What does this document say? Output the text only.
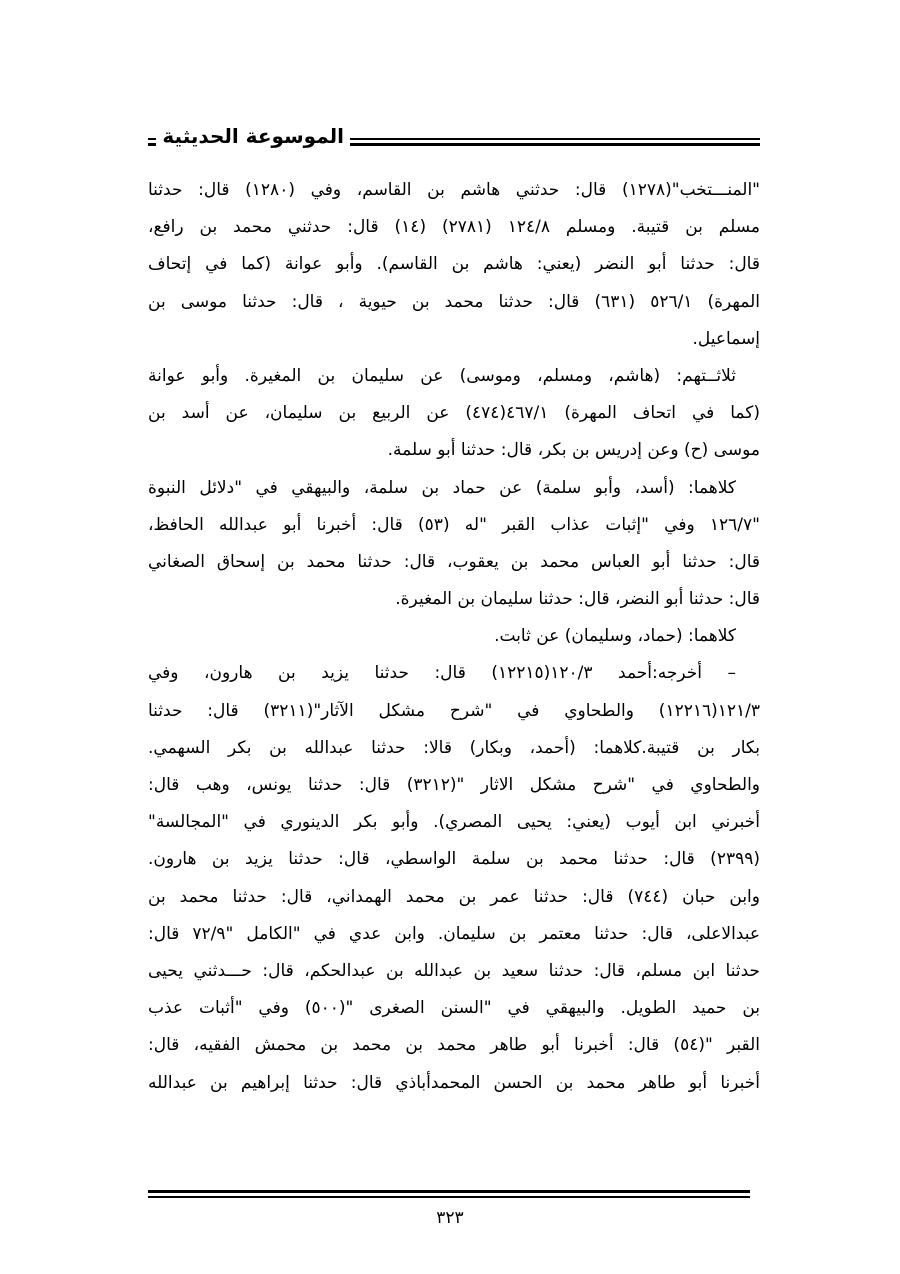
الموسوعة الحديثية
"المنـــتخب"(١٢٧٨) قال: حدثني هاشم بن القاسم، وفي (١٢٨٠) قال: حدثنا
مسلم بن قتيبة. ومسلم ١٢٤/٨ (٢٧٨١) (١٤) قال: حدثني محمد بن رافع،
قال: حدثنا أبو النضر (يعني: هاشم بن القاسم). وأبو عوانة (كما في إتحاف
المهرة) ٥٢٦/١ (٦٣١) قال: حدثنا محمد بن حيوية ، قال: حدثنا موسى بن
إسماعيل.
ثلاثــتهم: (هاشم، ومسلم، وموسى) عن سليمان بن المغيرة. وأبو عوانة
(كما في اتحاف المهرة) ٤٦٧/١(٤٧٤) عن الربيع بن سليمان، عن أسد بن
موسى (ح) وعن إدريس بن بكر، قال: حدثنا أبو سلمة.
كلاهما: (أسد، وأبو سلمة) عن حماد بن سلمة، والبيهقي في "دلائل النبوة
"١٢٦/٧ وفي "إثبات عذاب القبر "له (٥٣) قال: أخبرنا أبو عبدالله الحافظ،
قال: حدثنا أبو العباس محمد بن يعقوب، قال: حدثنا محمد بن إسحاق الصغاني
قال: حدثنا أبو النضر، قال: حدثنا سليمان بن المغيرة.
كلاهما: (حماد، وسليمان) عن ثابت.
– أخرجه:أحمد ١٢٠/٣(١٢٢١٥) قال: حدثنا يزيد بن هارون، وفي
١٢١/٣(١٢٢١٦) والطحاوي في "شرح مشكل الآثار"(٣٢١١) قال: حدثنا
بكار بن قتيبة.كلاهما: (أحمد، وبكار) قالا: حدثنا عبدالله بن بكر السهمي.
والطحاوي في "شرح مشكل الاثار "(٣٢١٢) قال: حدثنا يونس، وهب قال:
أخبرني ابن أيوب (يعني: يحيى المصري). وأبو بكر الدينوري في "المجالسة"
(٢٣٩٩) قال: حدثنا محمد بن سلمة الواسطي، قال: حدثنا يزيد بن هارون.
وابن حبان (٧٤٤) قال: حدثنا عمر بن محمد الهمداني، قال: حدثنا محمد بن
عبدالاعلى، قال: حدثنا معتمر بن سليمان. وابن عدي في "الكامل "٧٢/٩ قال:
حدثنا ابن مسلم، قال: حدثنا سعيد بن عبدالله بن عبدالحكم، قال: حـــدثني يحيى
بن حميد الطويل. والبيهقي في "السنن الصغرى "(٥٠٠) وفي "أثبات عذب
القبر "(٥٤) قال: أخبرنا أبو طاهر محمد بن محمد بن محمش الفقيه، قال:
أخبرنا أبو طاهر محمد بن الحسن المحمدأباذي قال: حدثنا إبراهيم بن عبدالله
٣٢٣
